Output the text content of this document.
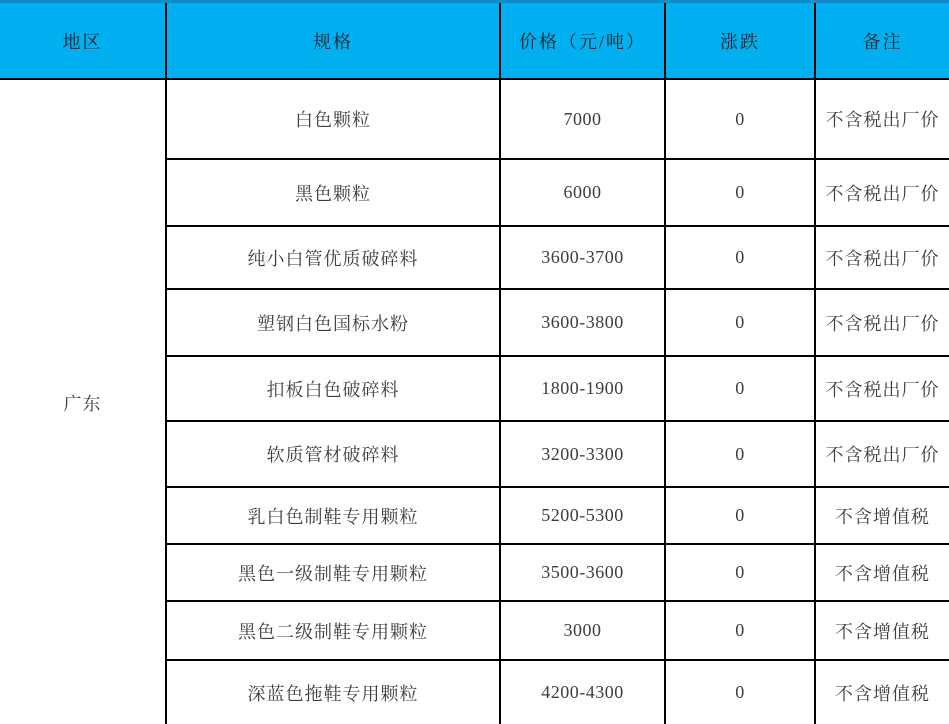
地区	规格	价格（元/吨）	涨跌	备注
广东	白色颗粒	7000	0	不含税出厂价
	黑色颗粒	6000	0	不含税出厂价
	纯小白管优质破碎料	3600-3700	0	不含税出厂价
	塑钢白色国标水粉	3600-3800	0	不含税出厂价
	扣板白色破碎料	1800-1900	0	不含税出厂价
	软质管材破碎料	3200-3300	0	不含税出厂价
	乳白色制鞋专用颗粒	5200-5300	0	不含增值税
	黑色一级制鞋专用颗粒	3500-3600	0	不含增值税
	黑色二级制鞋专用颗粒	3000	0	不含增值税
	深蓝色拖鞋专用颗粒	4200-4300	0	不含增值税
